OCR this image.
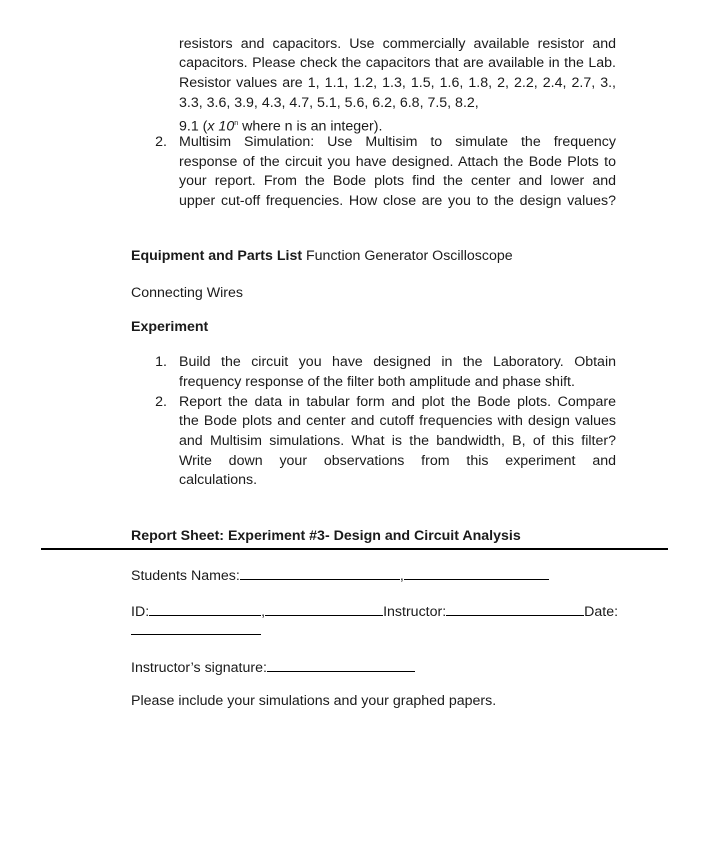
resistors and capacitors. Use commercially available resistor and
capacitors. Please check the capacitors that are available in the Lab.
Resistor values are 1, 1.1, 1.2, 1.3, 1.5, 1.6, 1.8, 2, 2.2, 2.4, 2.7, 3.,
3.3, 3.6, 3.9, 4.3, 4.7, 5.1, 5.6, 6.2, 6.8, 7.5, 8.2,
9.1 (x 10$^n$ where n is an integer).
2. Multisim Simulation: Use Multisim to simulate the frequency
response of the circuit you have designed. Attach the Bode Plots to
your report. From the Bode plots find the center and lower and
upper cut-off frequencies. How close are you to the design values?
Equipment and Parts List Function Generator Oscilloscope
Connecting Wires
Experiment
1. Build the circuit you have designed in the Laboratory. Obtain
frequency response of the filter both amplitude and phase shift.
2. Report the data in tabular form and plot the Bode plots. Compare
the Bode plots and center and cutoff frequencies with design values
and Multisim simulations. What is the bandwidth, B, of this filter?
Write down your observations from this experiment and
calculations.
Report Sheet: Experiment #3- Design and Circuit Analysis
Students Names:	,
ID:	,	Instructor:	Date:
Instructor’s signature:
Please include your simulations and your graphed papers.
